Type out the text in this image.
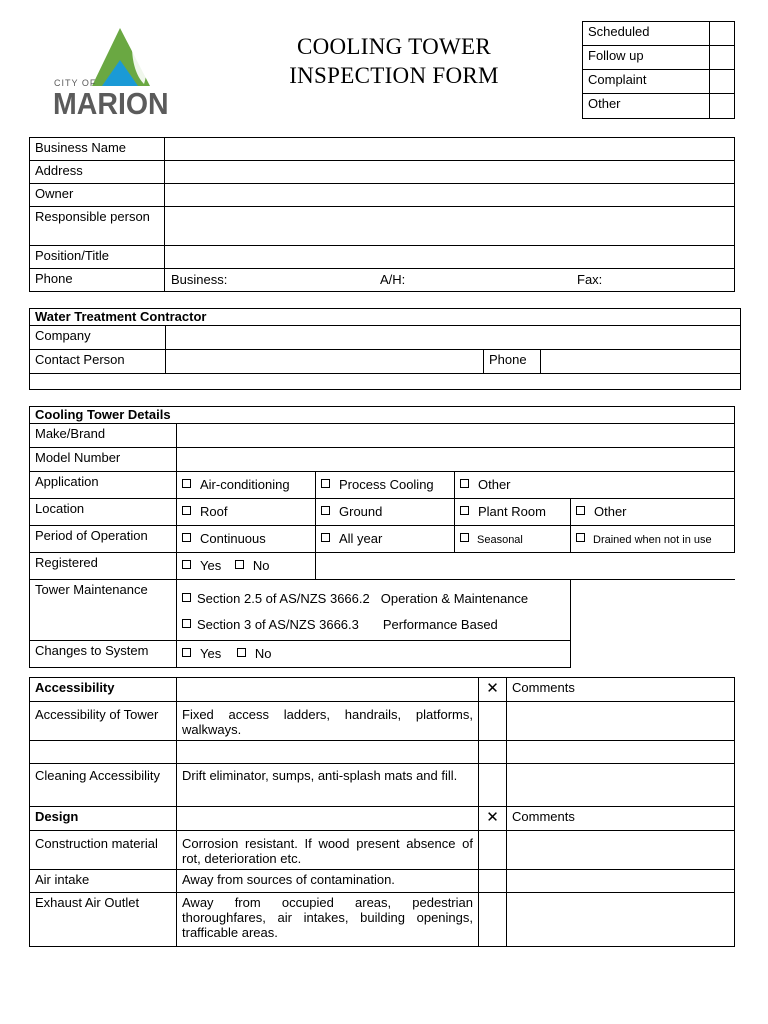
CITY OF
MARION
COOLING TOWER
INSPECTION FORM
Scheduled	
Follow up	
Complaint	
Other	
Business Name	
Address	
Owner	
Responsible person	
Position/Title	
Phone	Business: A/H: Fax:
Water Treatment Contractor			
Company			
Contact Person		Phone	

Cooling Tower Details				
Make/Brand				
Model Number				
Application	Air-conditioning	Process Cooling	Other	
Location	Roof	Ground	Plant Room	Other
Period of Operation	Continuous	All year	Seasonal	Drained when not in use
Registered	Yes No			
Tower Maintenance	Section 2.5 of AS/NZS 3666.2 Operation & Maintenance
Section 3 of AS/NZS 3666.3 Performance Based			

Changes to System	Yes No			
Accessibility		✕	Comments
Accessibility of Tower	Fixed access ladders, handrails, platforms, walkways.		

Cleaning Accessibility	Drift eliminator, sumps, anti-splash mats and fill.		
Design		✕	Comments
Construction material	Corrosion resistant. If wood present absence of rot, deterioration etc.		
Air intake	Away from sources of contamination.		
Exhaust Air Outlet	Away from occupied areas, pedestrian thoroughfares, air intakes, building openings, trafficable areas.		
